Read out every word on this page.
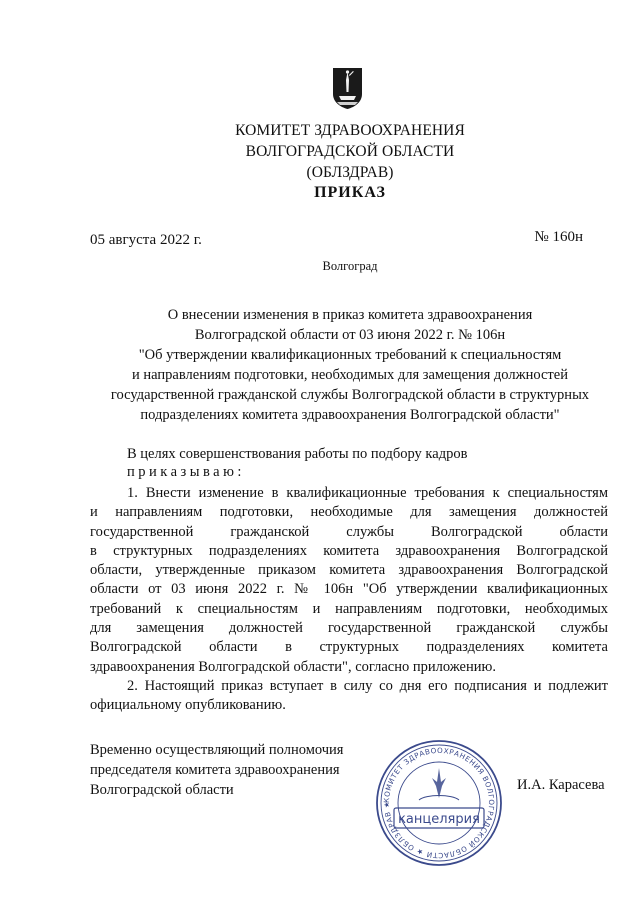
КОМИТЕТ ЗДРАВООХРАНЕНИЯ
ВОЛГОГРАДСКОЙ ОБЛАСТИ
(ОБЛЗДРАВ)
ПРИКАЗ
05 августа 2022 г.	№ 160н
Волгоград
О внесении изменения в приказ комитета здравоохранения
Волгоградской области от 03 июня 2022 г. № 106н
"Об утверждении квалификационных требований к специальностям
и направлениям подготовки, необходимых для замещения должностей
государственной гражданской службы Волгоградской области в структурных
подразделениях комитета здравоохранения Волгоградской области"
В целях совершенствования работы по подбору кадров
приказываю:
1. Внести изменение в квалификационные требования к специальностям
и направлениям подготовки, необходимые для замещения должностей
государственной гражданской службы Волгоградской области
в структурных подразделениях комитета здравоохранения Волгоградской
области, утвержденные приказом комитета здравоохранения Волгоградской
области от 03 июня 2022 г. № 106н "Об утверждении квалификационных
требований к специальностям и направлениям подготовки, необходимых
для замещения должностей государственной гражданской службы
Волгоградской области в структурных подразделениях комитета
здравоохранения Волгоградской области", согласно приложению.
2. Настоящий приказ вступает в силу со дня его подписания и подлежит
официальному опубликованию.
Временно осуществляющий полномочия
председателя комитета здравоохранения
Волгоградской области	И.А. Карасева
КОМИТЕТ ЗДРАВООХРАНЕНИЯ ВОЛГОГРАДСКОЙ ОБЛАСТИ ★ ОБЛЗДРАВ ★
канцелярия
